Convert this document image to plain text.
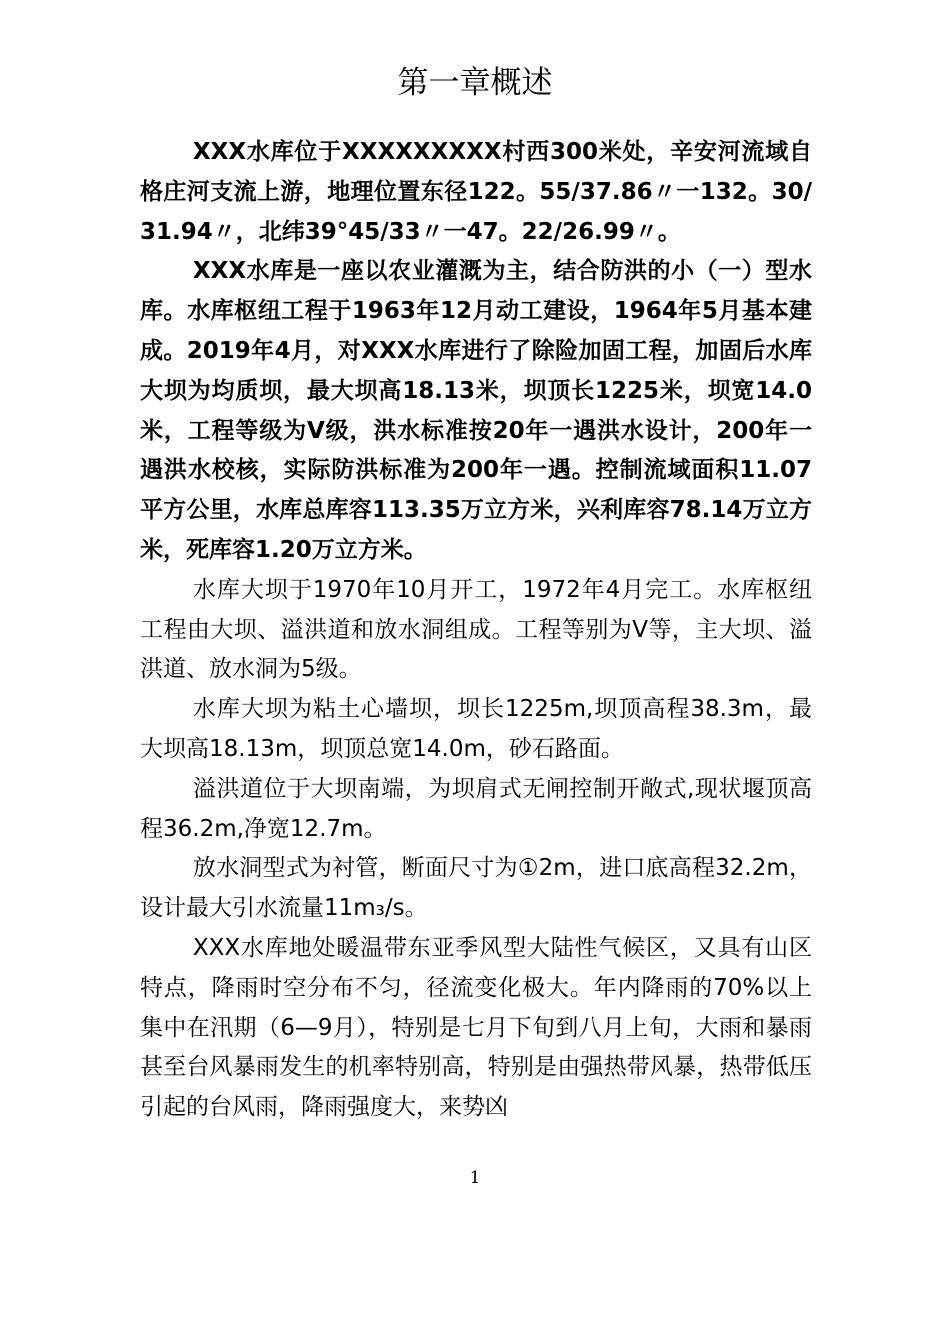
第一章概述

XXX水库位于XXXXXXXXX村西300米处，辛安河流域自格庄河支流上游，地理位置东径122。55/37.86〃一132。30/31.94〃，北纬39°45/33〃一47。22/26.99〃。

XXX水库是一座以农业灌溉为主，结合防洪的小（一）型水库。水库枢纽工程于1963年12月动工建设，1964年5月基本建成。2019年4月，对XXX水库进行了除险加固工程，加固后水库大坝为均质坝，最大坝高18.13米，坝顶长1225米，坝宽14.0米，工程等级为V级，洪水标准按20年一遇洪水设计，200年一遇洪水校核，实际防洪标准为200年一遇。控制流域面积11.07平方公里，水库总库容113.35万立方米，兴利库容78.14万立方米，死库容1.20万立方米。

水库大坝于1970年10月开工，1972年4月完工。水库枢纽工程由大坝、溢洪道和放水洞组成。工程等别为V等，主大坝、溢洪道、放水洞为5级。

水库大坝为粘土心墙坝，坝长1225m,坝顶高程38.3m，最大坝高18.13m，坝顶总宽14.0m，砂石路面。

溢洪道位于大坝南端，为坝肩式无闸控制开敞式,现状堰顶高程36.2m,净宽12.7m。

放水洞型式为衬管，断面尺寸为①2m，进口底高程32.2m，设计最大引水流量11m₃/s。

XXX水库地处暖温带东亚季风型大陆性气候区，又具有山区特点，降雨时空分布不匀，径流变化极大。年内降雨的70%以上集中在汛期（6—9月），特别是七月下旬到八月上旬，大雨和暴雨甚至台风暴雨发生的机率特别高，特别是由强热带风暴，热带低压引起的台风雨，降雨强度大，来势凶

1
